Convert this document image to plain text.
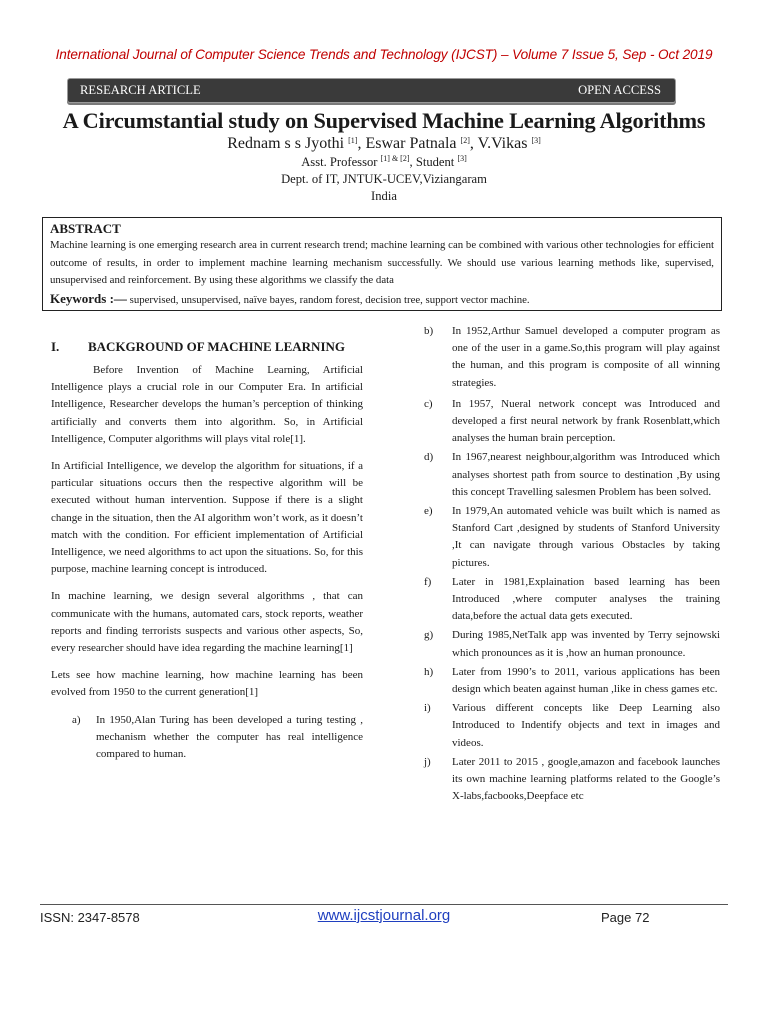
International Journal of Computer Science Trends and Technology (IJCST) – Volume 7 Issue 5, Sep - Oct 2019
RESEARCH ARTICLE	OPEN ACCESS
A Circumstantial study on Supervised Machine Learning Algorithms
Rednam s s Jyothi [1], Eswar Patnala [2], V.Vikas [3]
Asst. Professor [1] & [2], Student [3]
Dept. of IT, JNTUK-UCEV,Viziangaram
India
ABSTRACT
Machine learning is one emerging research area in current research trend; machine learning can be combined with various other technologies for efficient outcome of results, in order to implement machine learning mechanism successfully. We should use various learning methods like, supervised, unsupervised and reinforcement. By using these algorithms we classify the data
Keywords :— supervised, unsupervised, naïve bayes, random forest, decision tree, support vector machine.
I.	BACKGROUND OF MACHINE LEARNING

Before Invention of Machine Learning, Artificial Intelligence plays a crucial role in our Computer Era. In artificial Intelligence, Researcher develops the human’s perception of thinking artificially and converts them into algorithm. So, in Artificial Intelligence, Computer algorithms will plays vital role[1].

In Artificial Intelligence, we develop the algorithm for situations, if a particular situations occurs then the respective algorithm will be executed without human intervention. Suppose if there is a slight change in the situation, then the AI algorithm won’t work, as it doesn’t match with the condition. For efficient implementation of Artificial Intelligence, we need algorithms to act upon the situations. So, for this purpose, machine learning concept is introduced.

In machine learning, we design several algorithms , that can communicate with the humans, automated cars, stock reports, weather reports and finding terrorists suspects and various other aspects, So, every researcher should have idea regarding the machine learning[1]

Lets see how machine learning, how machine learning has been evolved from 1950 to the current generation[1]

a)	In 1950,Alan Turing has been developed a turing testing , mechanism whether the computer has real intelligence compared to human.
b)	In 1952,Arthur Samuel developed a computer program as one of the user in a game.So,this program will play against the human, and this program is composite of all winning strategies.
c)	In 1957, Nueral network concept was Introduced and developed a first neural network by frank Rosenblatt,which analyses the human brain perception.
d)	In 1967,nearest neighbour,algorithm was Introduced which analyses shortest path from source to destination ,By using this concept Travelling salesmen Problem has been solved.
e)	In 1979,An automated vehicle was built which is named as Stanford Cart ,designed by students of Stanford University ,It can navigate through various Obstacles by taking pictures.
f)	Later in 1981,Explaination based learning has been Introduced ,where computer analyses the training data,before the actual data gets executed.
g)	During 1985,NetTalk app was invented by Terry sejnowski which pronounces as it is ,how an human pronounce.
h)	Later from 1990’s to 2011, various applications has been design which beaten against human ,like in chess games etc.
i)	Various different concepts like Deep Learning also Introduced to Indentify objects and text in images and videos.
j)	Later 2011 to 2015 , google,amazon and facebook launches its own machine learning platforms related to the Google’s X-labs,facbooks,Deepface etc
ISSN: 2347-8578	www.ijcstjournal.org	Page 72
